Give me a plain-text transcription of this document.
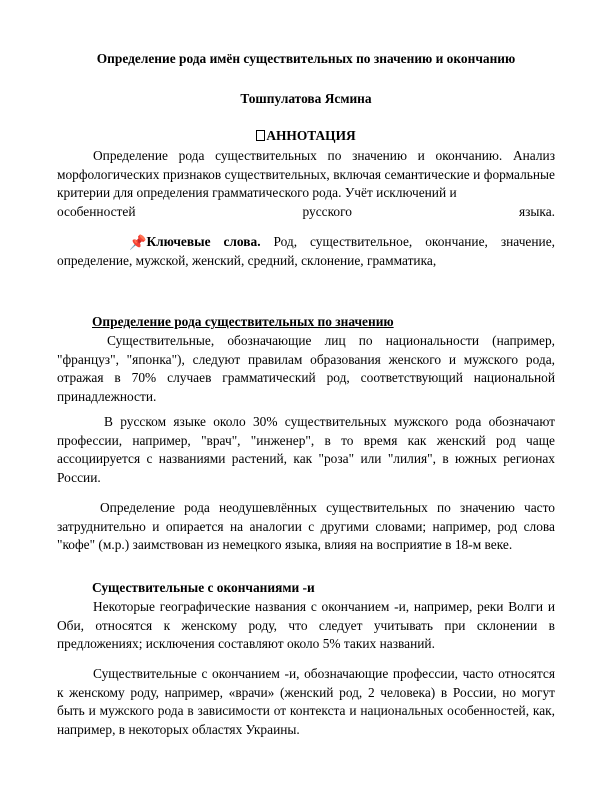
Определение рода имён существительных по значению и окончанию
Тошпулатова Ясмина
АННОТАЦИЯ

Определение рода существительных по значению и окончанию. Анализ морфологических признаков существительных, включая семантические и формальные критерии для определения грамматического рода. Учёт исключений и

особенностей русского языка.

📌Ключевые слова. Род, существительное, окончание, значение, определение, мужской, женский, средний, склонение, грамматика,

Определение рода существительных по значению

Существительные, обозначающие лиц по национальности (например, "француз", "японка"), следуют правилам образования женского и мужского рода, отражая в 70% случаев грамматический род, соответствующий национальной принадлежности.

В русском языке около 30% существительных мужского рода обозначают профессии, например, "врач", "инженер", в то время как женский род чаще ассоциируется с названиями растений, как "роза" или "лилия", в южных регионах России.

Определение рода неодушевлённых существительных по значению часто затруднительно и опирается на аналогии с другими словами; например, род слова "кофе" (м.р.) заимствован из немецкого языка, влияя на восприятие в 18-м веке.

Существительные с окончаниями -и

Некоторые географические названия с окончанием -и, например, реки Волги и Оби, относятся к женскому роду, что следует учитывать при склонении в предложениях; исключения составляют около 5% таких названий.

Существительные с окончанием -и, обозначающие профессии, часто относятся к женскому роду, например, «врачи» (женский род, 2 человека) в России, но могут быть и мужского рода в зависимости от контекста и национальных особенностей, как, например, в некоторых областях Украины.
